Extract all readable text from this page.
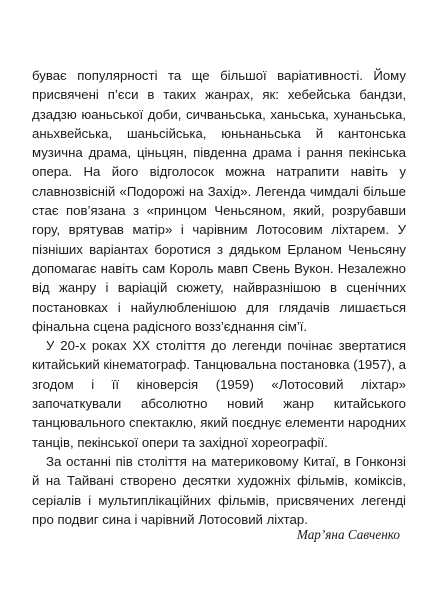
буває популярності та ще більшої варіативності. Йому присвячені п’єси в таких жанрах, як: хебейська бандзи, дзадзю юаньської доби, сичваньська, ханьська, хунаньська, аньхвейська, шаньсійська, юньнаньська й кантонська музична драма, ціньцян, південна драма і рання пекінська опера. На його відголосок можна натрапити навіть у славнозвісній «Подорожі на Захід». Легенда чимдалі більше стає пов’язана з «принцом Ченьсяном, який, розрубавши гору, врятував матір» і чарівним Лотосовим ліхтарем. У пізніших варіантах боротися з дядьком Ерланом Ченьсяну допомагає навіть сам Король мавп Свень Вукон. Незалежно від жанру і варіацій сюжету, найвразнішою в сценічних постановках і найулюбленішою для глядачів лишається фінальна сцена радісного возз’єднання сім’ї.

У 20-х роках ХХ століття до легенди почінає звертатися китайський кінематограф. Танцювальна постановка (1957), а згодом і її кіноверсія (1959) «Лотосовий ліхтар» започаткували абсолютно новий жанр китайського танцювального спектаклю, який поєднує елементи народних танців, пекінської опери та західної хореографії.

За останні пів століття на материковому Китаї, в Гонконзі й на Тайвані створено десятки художніх фільмів, коміксів, серіалів і мультиплікаційних фільмів, присвячених легенді про подвиг сина і чарівний Лотосовий ліхтар.

Мар’яна Савченко
